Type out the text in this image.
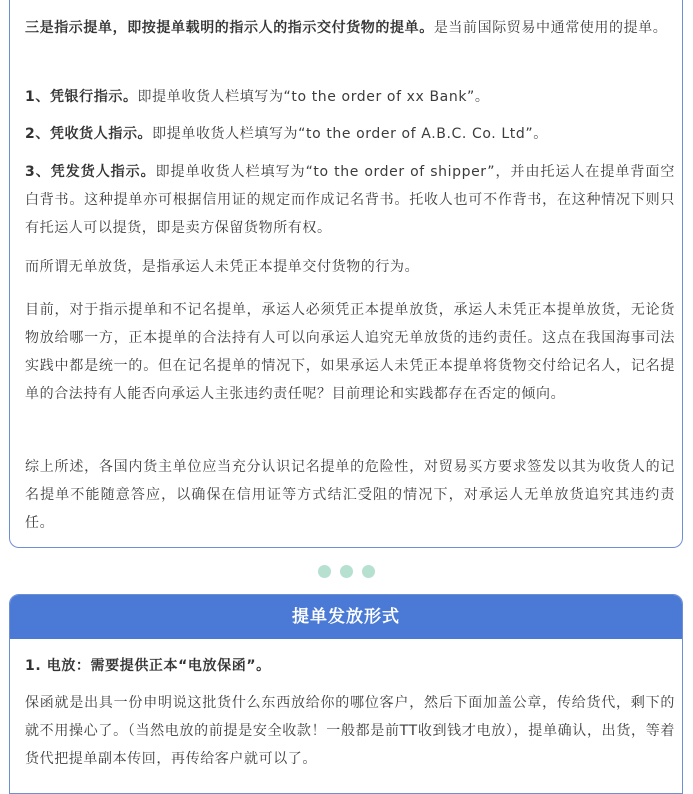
三是指示提单，即按提单载明的指示人的指示交付货物的提单。是当前国际贸易中通常使用的提单。

1、凭银行指示。即提单收货人栏填写为“to the order of xx Bank”。

2、凭收货人指示。即提单收货人栏填写为“to the order of A.B.C. Co. Ltd”。

3、凭发货人指示。即提单收货人栏填写为“to the order of shipper”，并由托运人在提单背面空白背书。这种提单亦可根据信用证的规定而作成记名背书。托收人也可不作背书，在这种情况下则只有托运人可以提货，即是卖方保留货物所有权。

而所谓无单放货，是指承运人未凭正本提单交付货物的行为。

目前，对于指示提单和不记名提单，承运人必须凭正本提单放货，承运人未凭正本提单放货，无论货物放给哪一方，正本提单的合法持有人可以向承运人追究无单放货的违约责任。这点在我国海事司法实践中都是统一的。但在记名提单的情况下，如果承运人未凭正本提单将货物交付给记名人，记名提单的合法持有人能否向承运人主张违约责任呢？目前理论和实践都存在否定的倾向。

综上所述，各国内货主单位应当充分认识记名提单的危险性，对贸易买方要求签发以其为收货人的记名提单不能随意答应，以确保在信用证等方式结汇受阻的情况下，对承运人无单放货追究其违约责任。

提单发放形式

1. 电放：需要提供正本“电放保函”。

保函就是出具一份申明说这批货什么东西放给你的哪位客户，然后下面加盖公章，传给货代，剩下的就不用操心了。（当然电放的前提是安全收款！一般都是前TT收到钱才电放），提单确认，出货，等着货代把提单副本传回，再传给客户就可以了。
